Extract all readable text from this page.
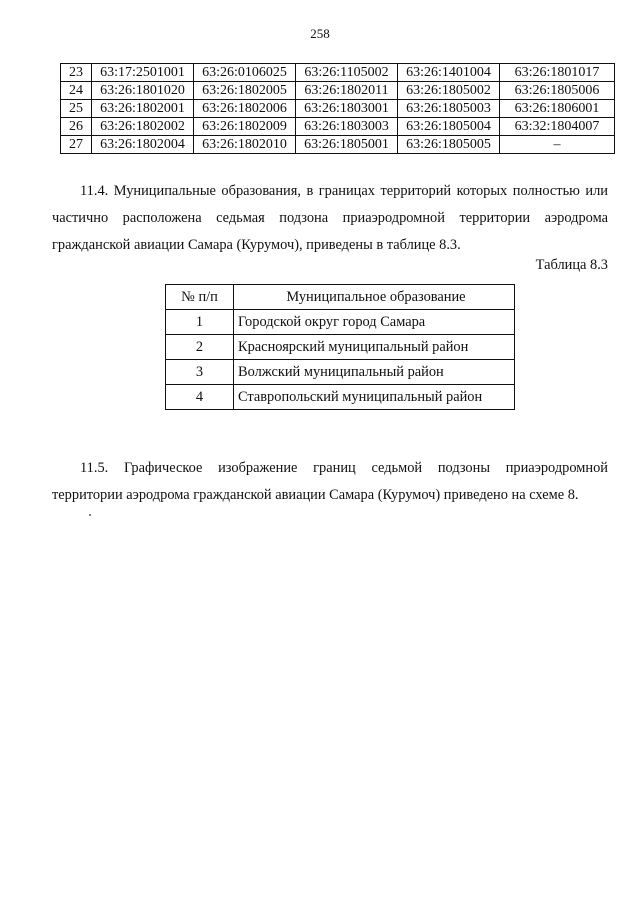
258
23	63:17:2501001	63:26:0106025	63:26:1105002	63:26:1401004	63:26:1801017
24	63:26:1801020	63:26:1802005	63:26:1802011	63:26:1805002	63:26:1805006
25	63:26:1802001	63:26:1802006	63:26:1803001	63:26:1805003	63:26:1806001
26	63:26:1802002	63:26:1802009	63:26:1803003	63:26:1805004	63:32:1804007
27	63:26:1802004	63:26:1802010	63:26:1805001	63:26:1805005	–

11.4. Муниципальные образования, в границах территорий которых полностью или частично расположена седьмая подзона приаэродромной территории аэродрома гражданской авиации Самара (Курумоч), приведены в таблице 8.3.

Таблица 8.3
№ п/п	Муниципальное образование
1	Городской округ город Самара
2	Красноярский муниципальный район
3	Волжский муниципальный район
4	Ставропольский муниципальный район

11.5. Графическое изображение границ седьмой подзоны приаэродромной территории аэродрома гражданской авиации Самара (Курумоч) приведено на схеме 8.
